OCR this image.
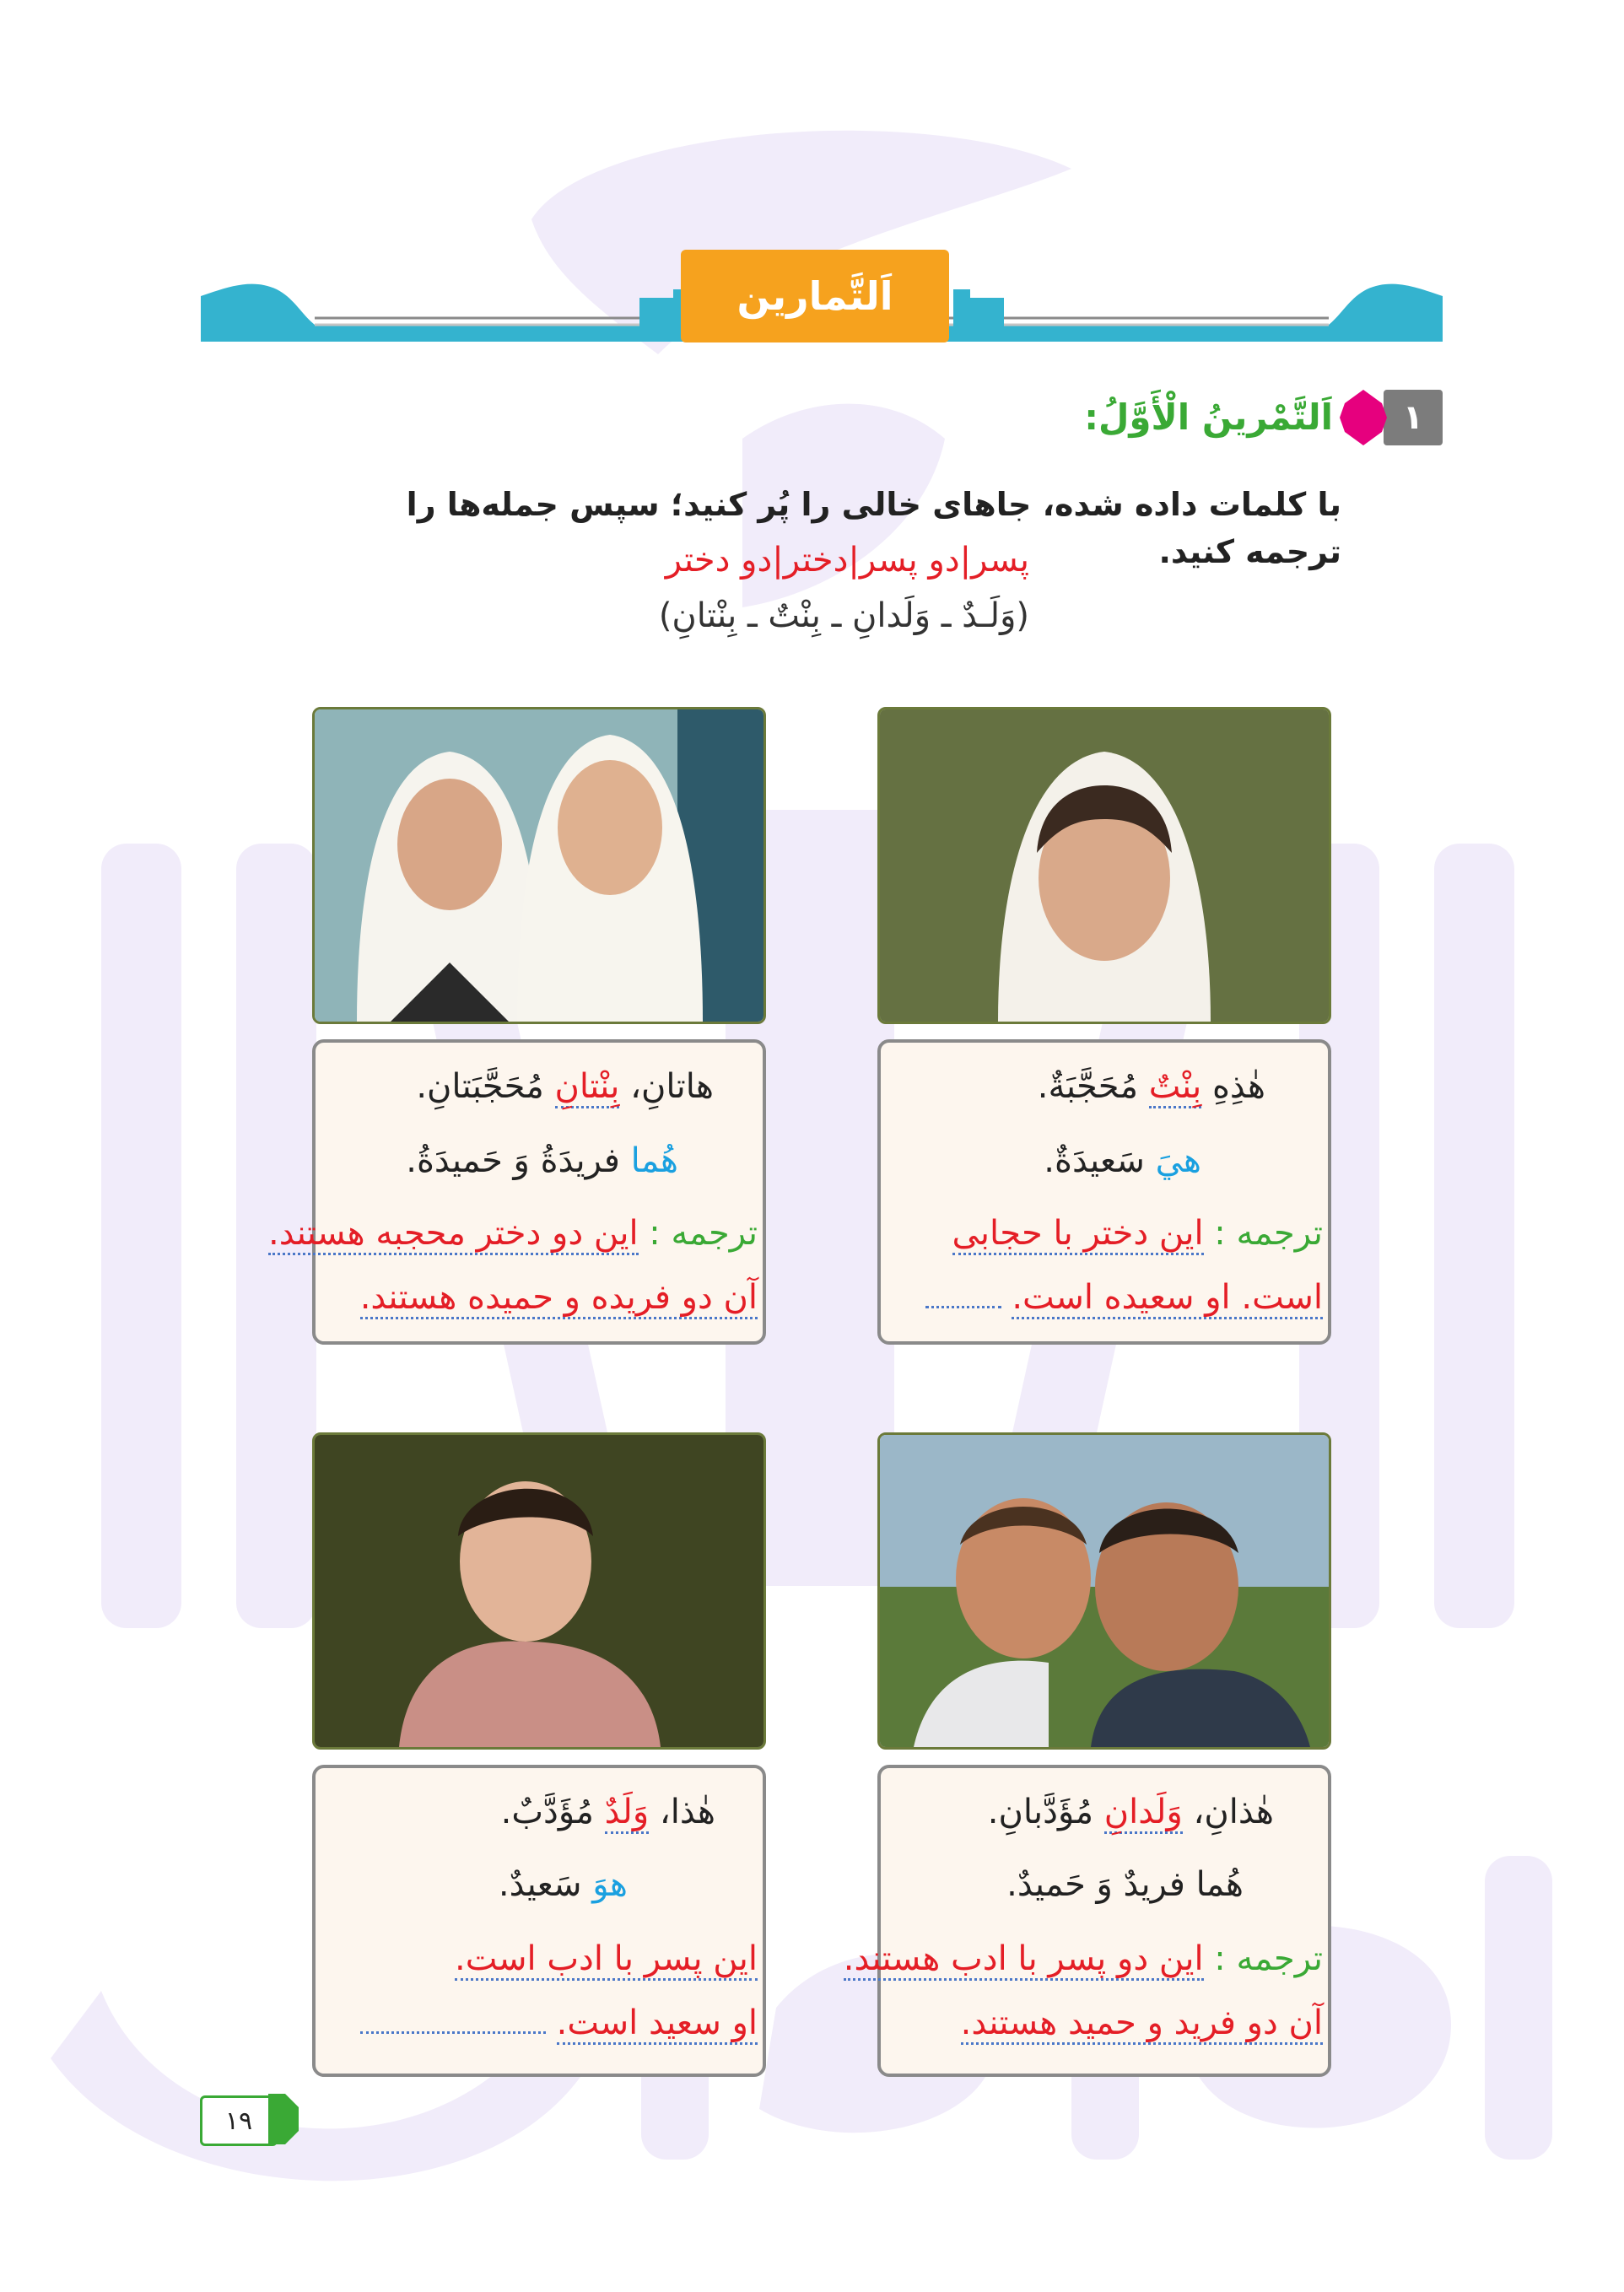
اَلتَّمارين
١
اَلتَّمْرينُ الْأَوَّلُ:
با کلمات داده شده، جاهای خالی را پُر کنید؛ سپس جمله‌ها را ترجمه کنید.
پسر|دو پسر|دختر|دو دختر
(وَلَـدٌ ـ وَلَدانِ ـ بِنْتٌ ـ بِنْتانِ)
هٰذِهِ بِنْتٌ مُحَجَّبَةٌ.
هيَ سَعيدَةٌ.
ترجمه : این دختر با حجابی
است. او سعیده است.
هاتانِ، بِنْتانِ مُحَجَّبَتانِ.
هُما فريدَةُ وَ حَميدَةُ.
ترجمه : این دو دختر محجبه هستند.
آن دو فریده و حمیده هستند.
هٰذانِ، وَلَدانِ مُؤَدَّبانِ.
هُما فريدٌ وَ حَميدٌ.
ترجمه : این دو پسر با ادب هستند.
آن دو فرید و حمید هستند.
هٰذا، وَلَدٌ مُؤَدَّبٌ.
هوَ سَعيدٌ.
این پسر با ادب است.
او سعید است.
١٩
